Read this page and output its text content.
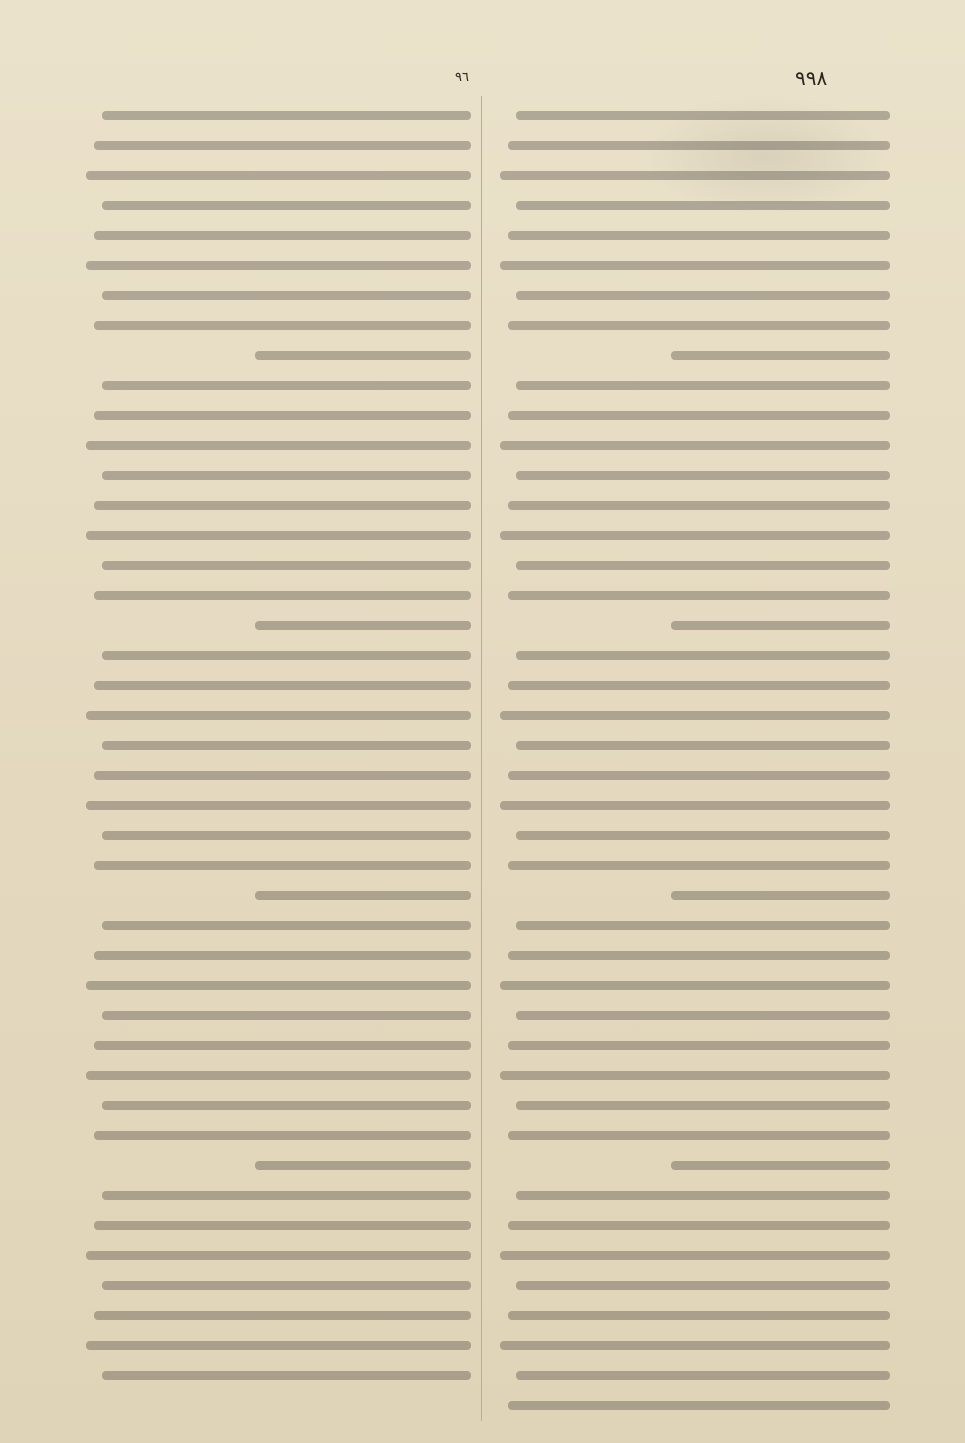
۹۹٨
٩٦
